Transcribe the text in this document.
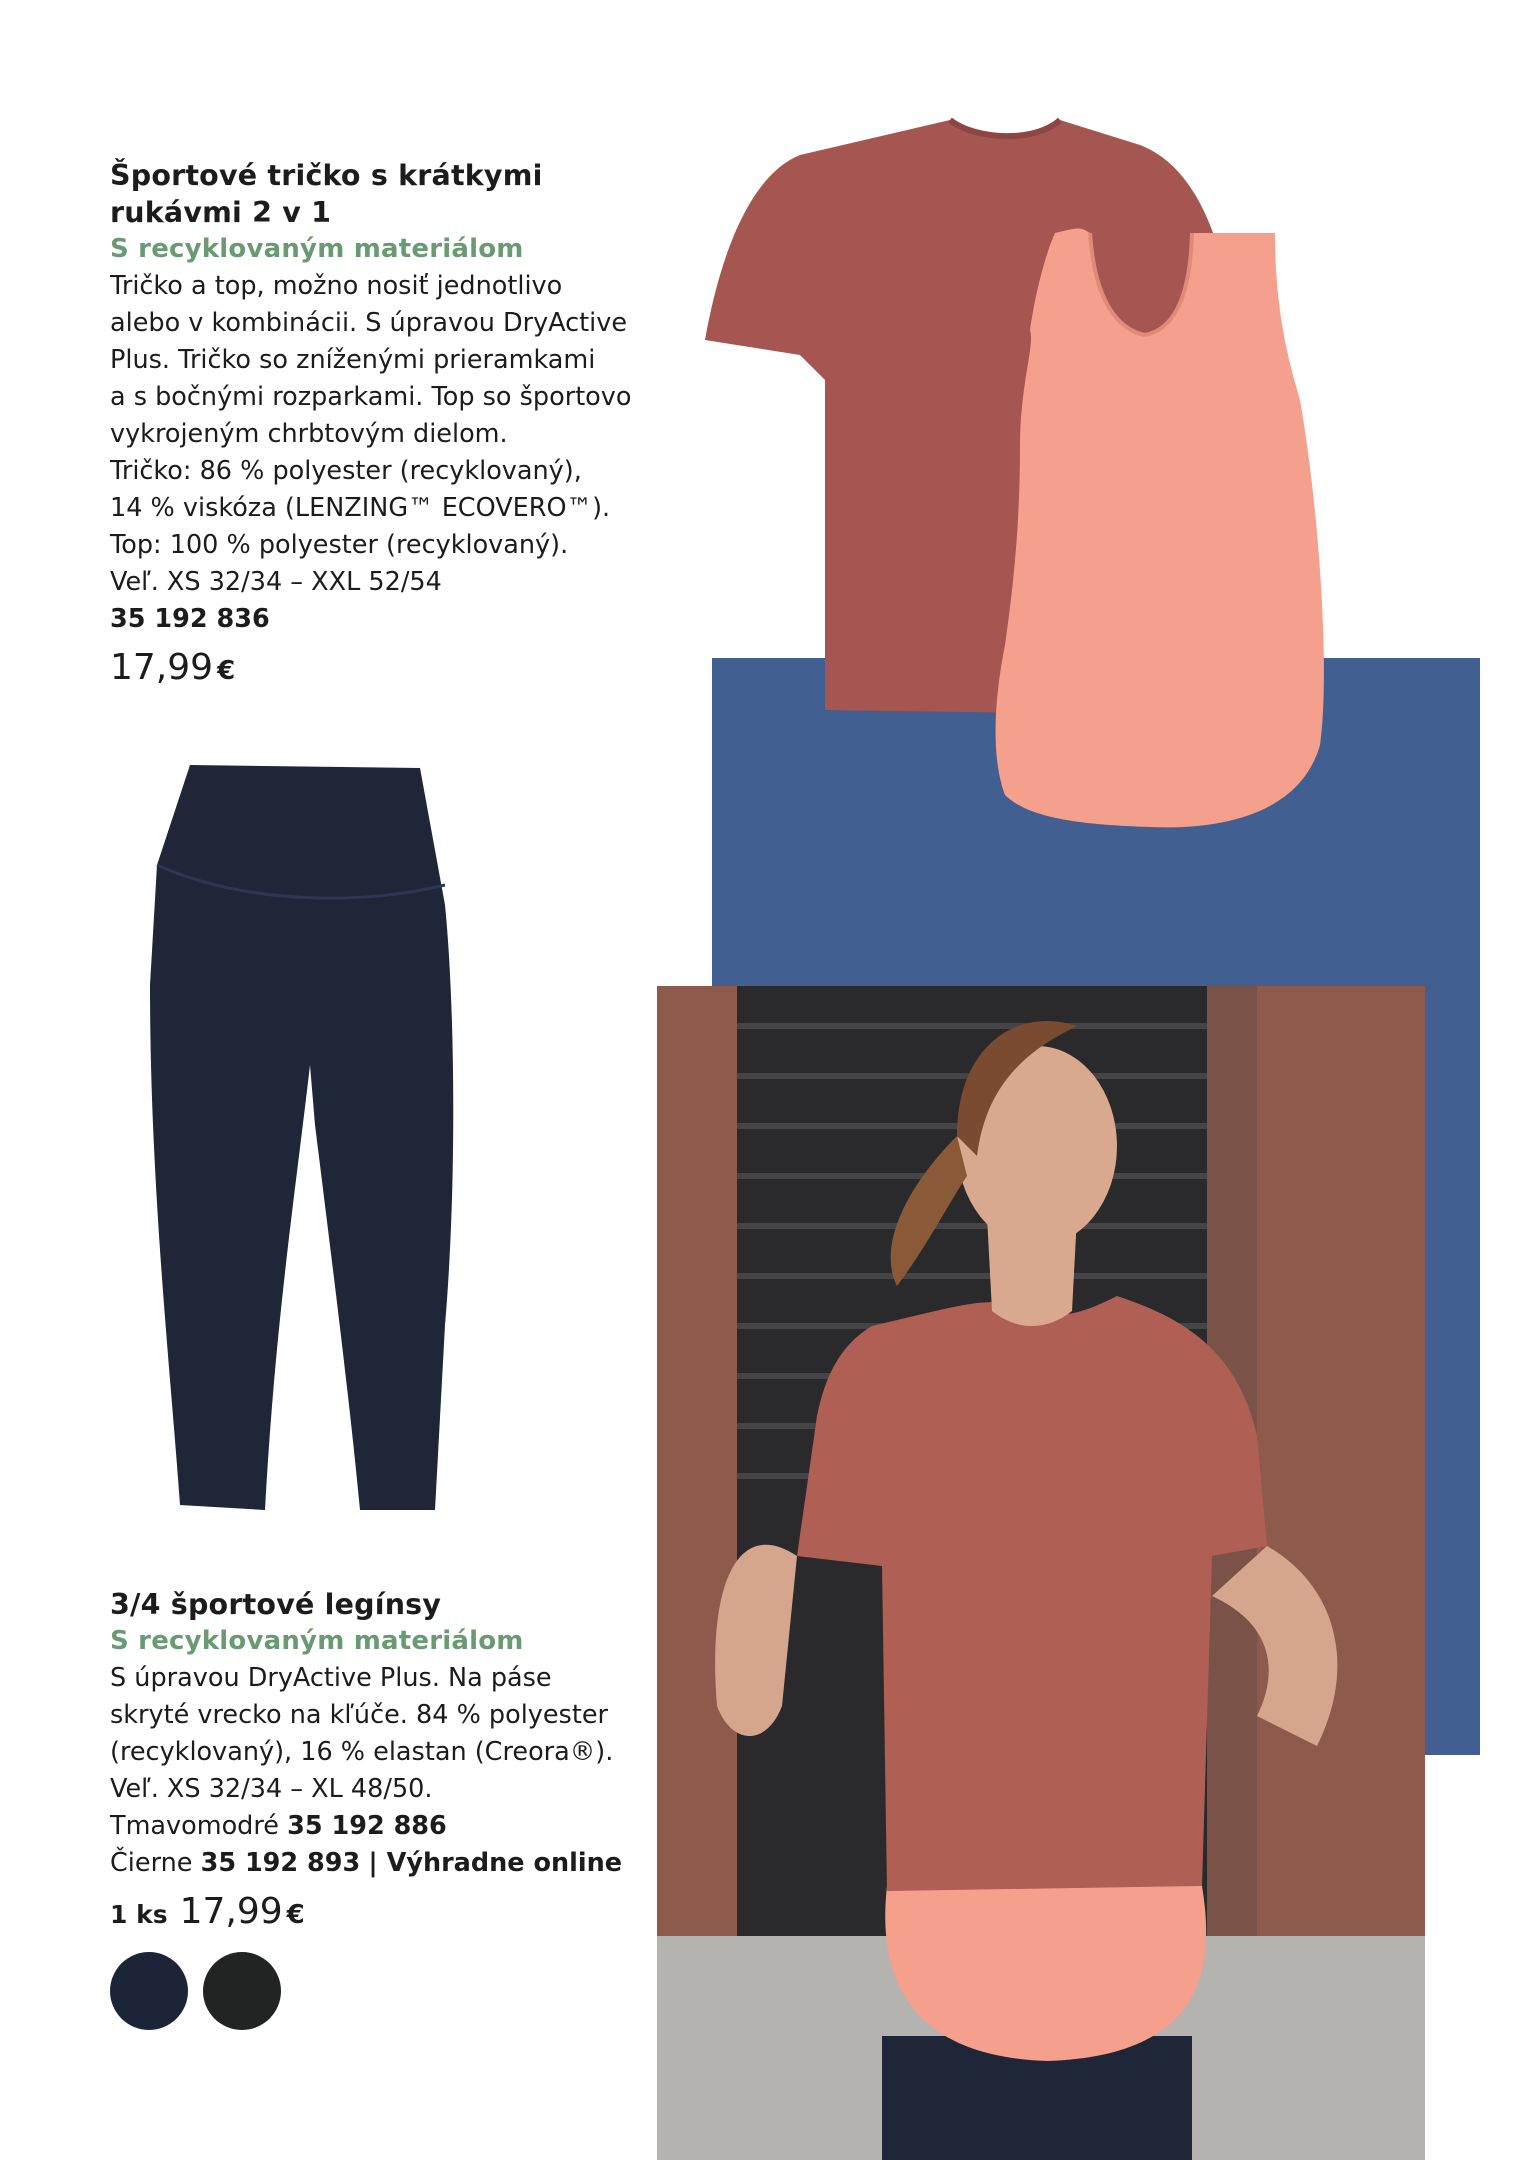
Športové tričko s krátkymi
rukávmi 2 v 1
S recyklovaným materiálom
Tričko a top, možno nosiť jednotlivo
alebo v kombinácii. S úpravou DryActive
Plus. Tričko so zníženými prieramkami
a s bočnými rozparkami. Top so športovo
vykrojeným chrbtovým dielom.
Tričko: 86 % polyester (recyklovaný),
14 % viskóza (LENZING™ ECOVERO™).
Top: 100 % polyester (recyklovaný).
Veľ. XS 32/34 – XXL 52/54
35 192 836
17,99 €
3/4 športové legínsy
S recyklovaným materiálom
S úpravou DryActive Plus. Na páse
skryté vrecko na kľúče. 84 % polyester
(recyklovaný), 16 % elastan (Creora®).
Veľ. XS 32/34 – XL 48/50.
Tmavomodré 35 192 886
Čierne 35 192 893 | Výhradne online
1 ks 17,99 €
